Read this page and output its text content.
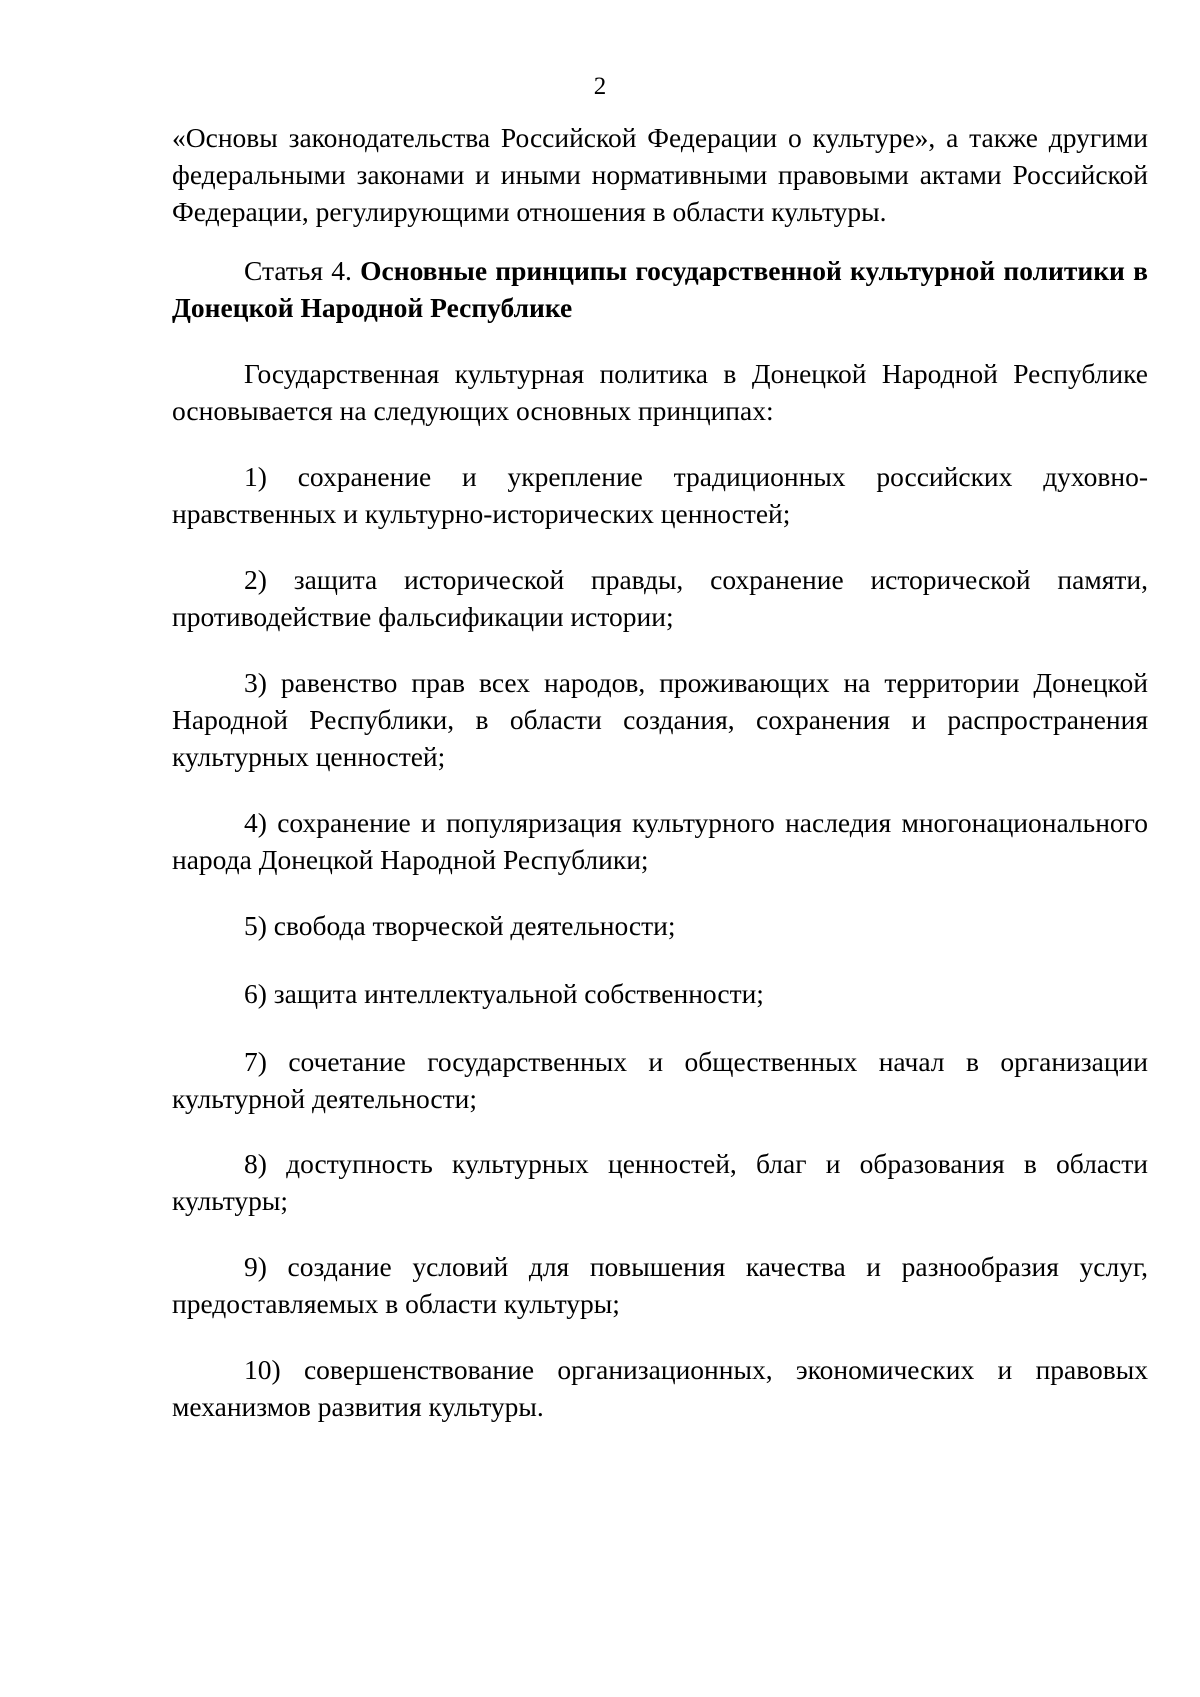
2

«Основы законодательства Российской Федерации о культуре», а также другими федеральными законами и иными нормативными правовыми актами Российской Федерации, регулирующими отношения в области культуры.

Статья 4. Основные принципы государственной культурной политики в Донецкой Народной Республике

Государственная культурная политика в Донецкой Народной Республике основывается на следующих основных принципах:

1) сохранение и укрепление традиционных российских духовно-нравственных и культурно-исторических ценностей;

2) защита исторической правды, сохранение исторической памяти, противодействие фальсификации истории;

3) равенство прав всех народов, проживающих на территории Донецкой Народной Республики, в области создания, сохранения и распространения культурных ценностей;

4) сохранение и популяризация культурного наследия многонационального народа Донецкой Народной Республики;

5) свобода творческой деятельности;

6) защита интеллектуальной собственности;

7) сочетание государственных и общественных начал в организации культурной деятельности;

8) доступность культурных ценностей, благ и образования в области культуры;

9) создание условий для повышения качества и разнообразия услуг, предоставляемых в области культуры;

10) совершенствование организационных, экономических и правовых механизмов развития культуры.
